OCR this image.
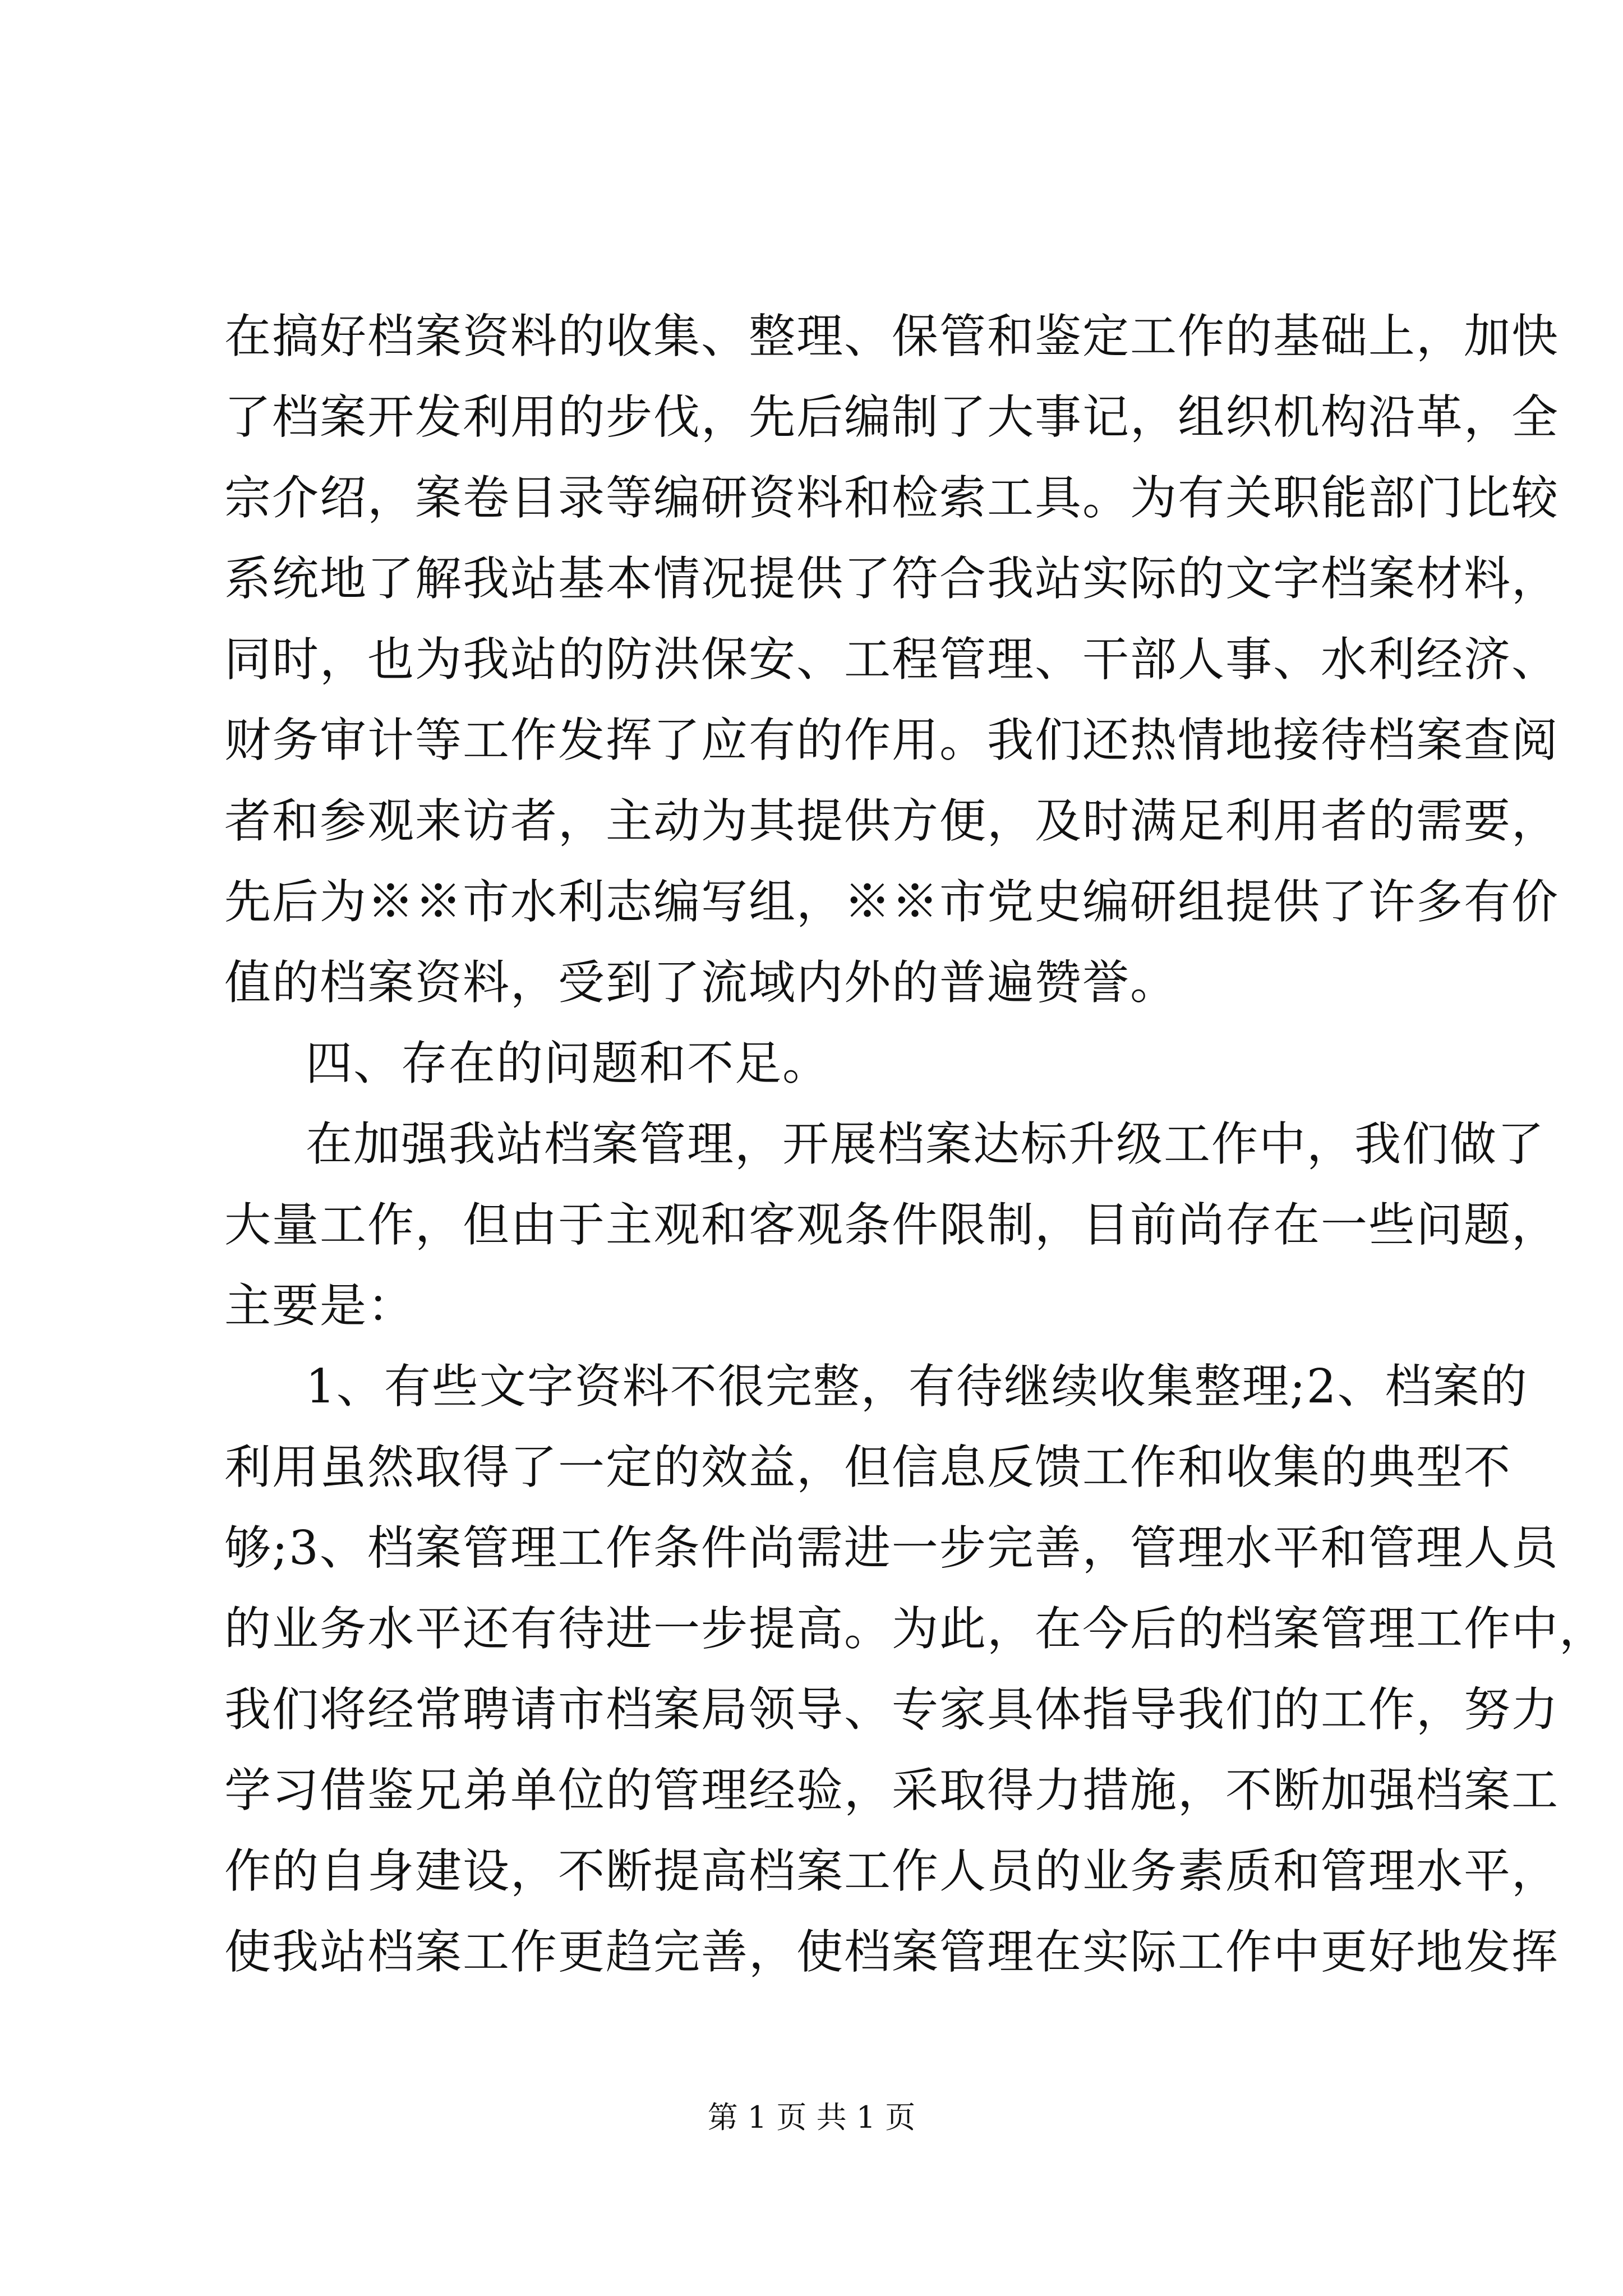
在搞好档案资料的收集、整理、保管和鉴定工作的基础上，加快
了档案开发利用的步伐，先后编制了大事记，组织机构沿革，全
宗介绍，案卷目录等编研资料和检索工具。为有关职能部门比较
系统地了解我站基本情况提供了符合我站实际的文字档案材料，
同时，也为我站的防洪保安、工程管理、干部人事、水利经济、
财务审计等工作发挥了应有的作用。我们还热情地接待档案查阅
者和参观来访者，主动为其提供方便，及时满足利用者的需要，
先后为※※市水利志编写组，※※市党史编研组提供了许多有价
值的档案资料，受到了流域内外的普遍赞誉。
四、存在的问题和不足。
在加强我站档案管理，开展档案达标升级工作中，我们做了
大量工作，但由于主观和客观条件限制，目前尚存在一些问题，
主要是：
1、有些文字资料不很完整，有待继续收集整理;2、档案的
利用虽然取得了一定的效益，但信息反馈工作和收集的典型不
够;3、档案管理工作条件尚需进一步完善，管理水平和管理人员
的业务水平还有待进一步提高。为此，在今后的档案管理工作中，
我们将经常聘请市档案局领导、专家具体指导我们的工作，努力
学习借鉴兄弟单位的管理经验，采取得力措施，不断加强档案工
作的自身建设，不断提高档案工作人员的业务素质和管理水平，
使我站档案工作更趋完善，使档案管理在实际工作中更好地发挥
第 1 页 共 1 页
